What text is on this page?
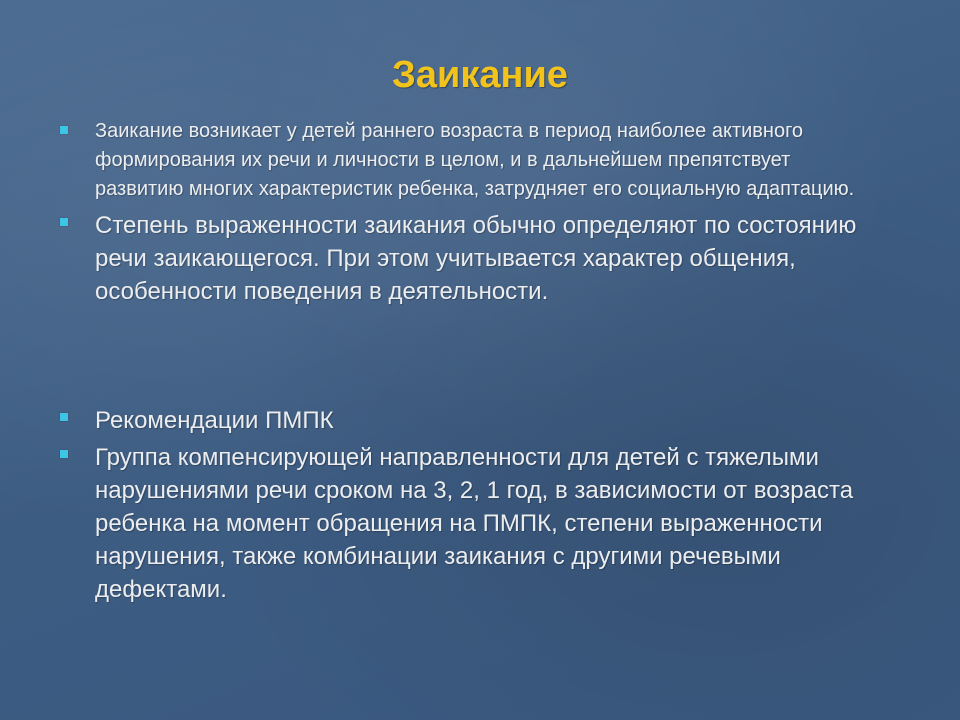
Заикание
Заикание возникает у детей раннего возраста в период наиболее активного формирования их речи и личности в целом, и в дальнейшем препятствует развитию многих характеристик ребенка, затрудняет его социальную адаптацию.
Степень выраженности заикания обычно определяют по состоянию речи заикающегося. При этом учитывается характер общения, особенности поведения в деятельности.
Рекомендации ПМПК
Группа компенсирующей направленности для детей с тяжелыми нарушениями речи сроком на 3, 2, 1 год, в зависимости от возраста ребенка на момент обращения на ПМПК, степени выраженности нарушения, также комбинации заикания с другими речевыми дефектами.
